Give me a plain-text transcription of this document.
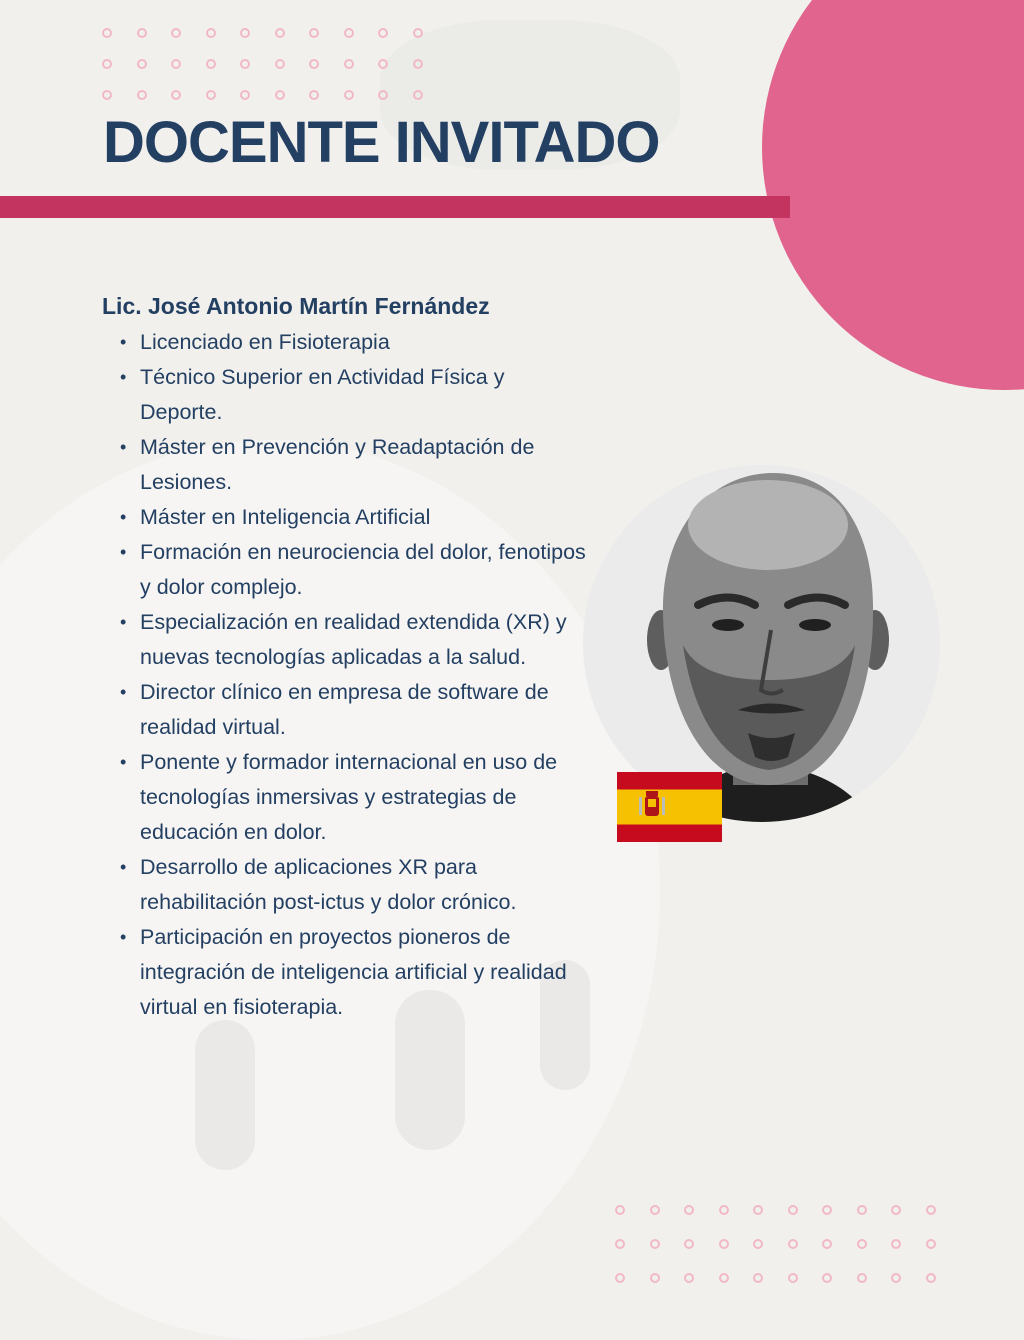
DOCENTE INVITADO
Lic. José Antonio Martín Fernández
• Licenciado en Fisioterapia
• Técnico Superior en Actividad Física y Deporte.
• Máster en Prevención y Readaptación de Lesiones.
• Máster en Inteligencia Artificial
• Formación en neurociencia del dolor, fenotipos y dolor complejo.
• Especialización en realidad extendida (XR) y nuevas tecnologías aplicadas a la salud.
• Director clínico en empresa de software de realidad virtual.
• Ponente y formador internacional en uso de tecnologías inmersivas y estrategias de educación en dolor.
• Desarrollo de aplicaciones XR para rehabilitación post-ictus y dolor crónico.
• Participación en proyectos pioneros de integración de inteligencia artificial y realidad virtual en fisioterapia.
